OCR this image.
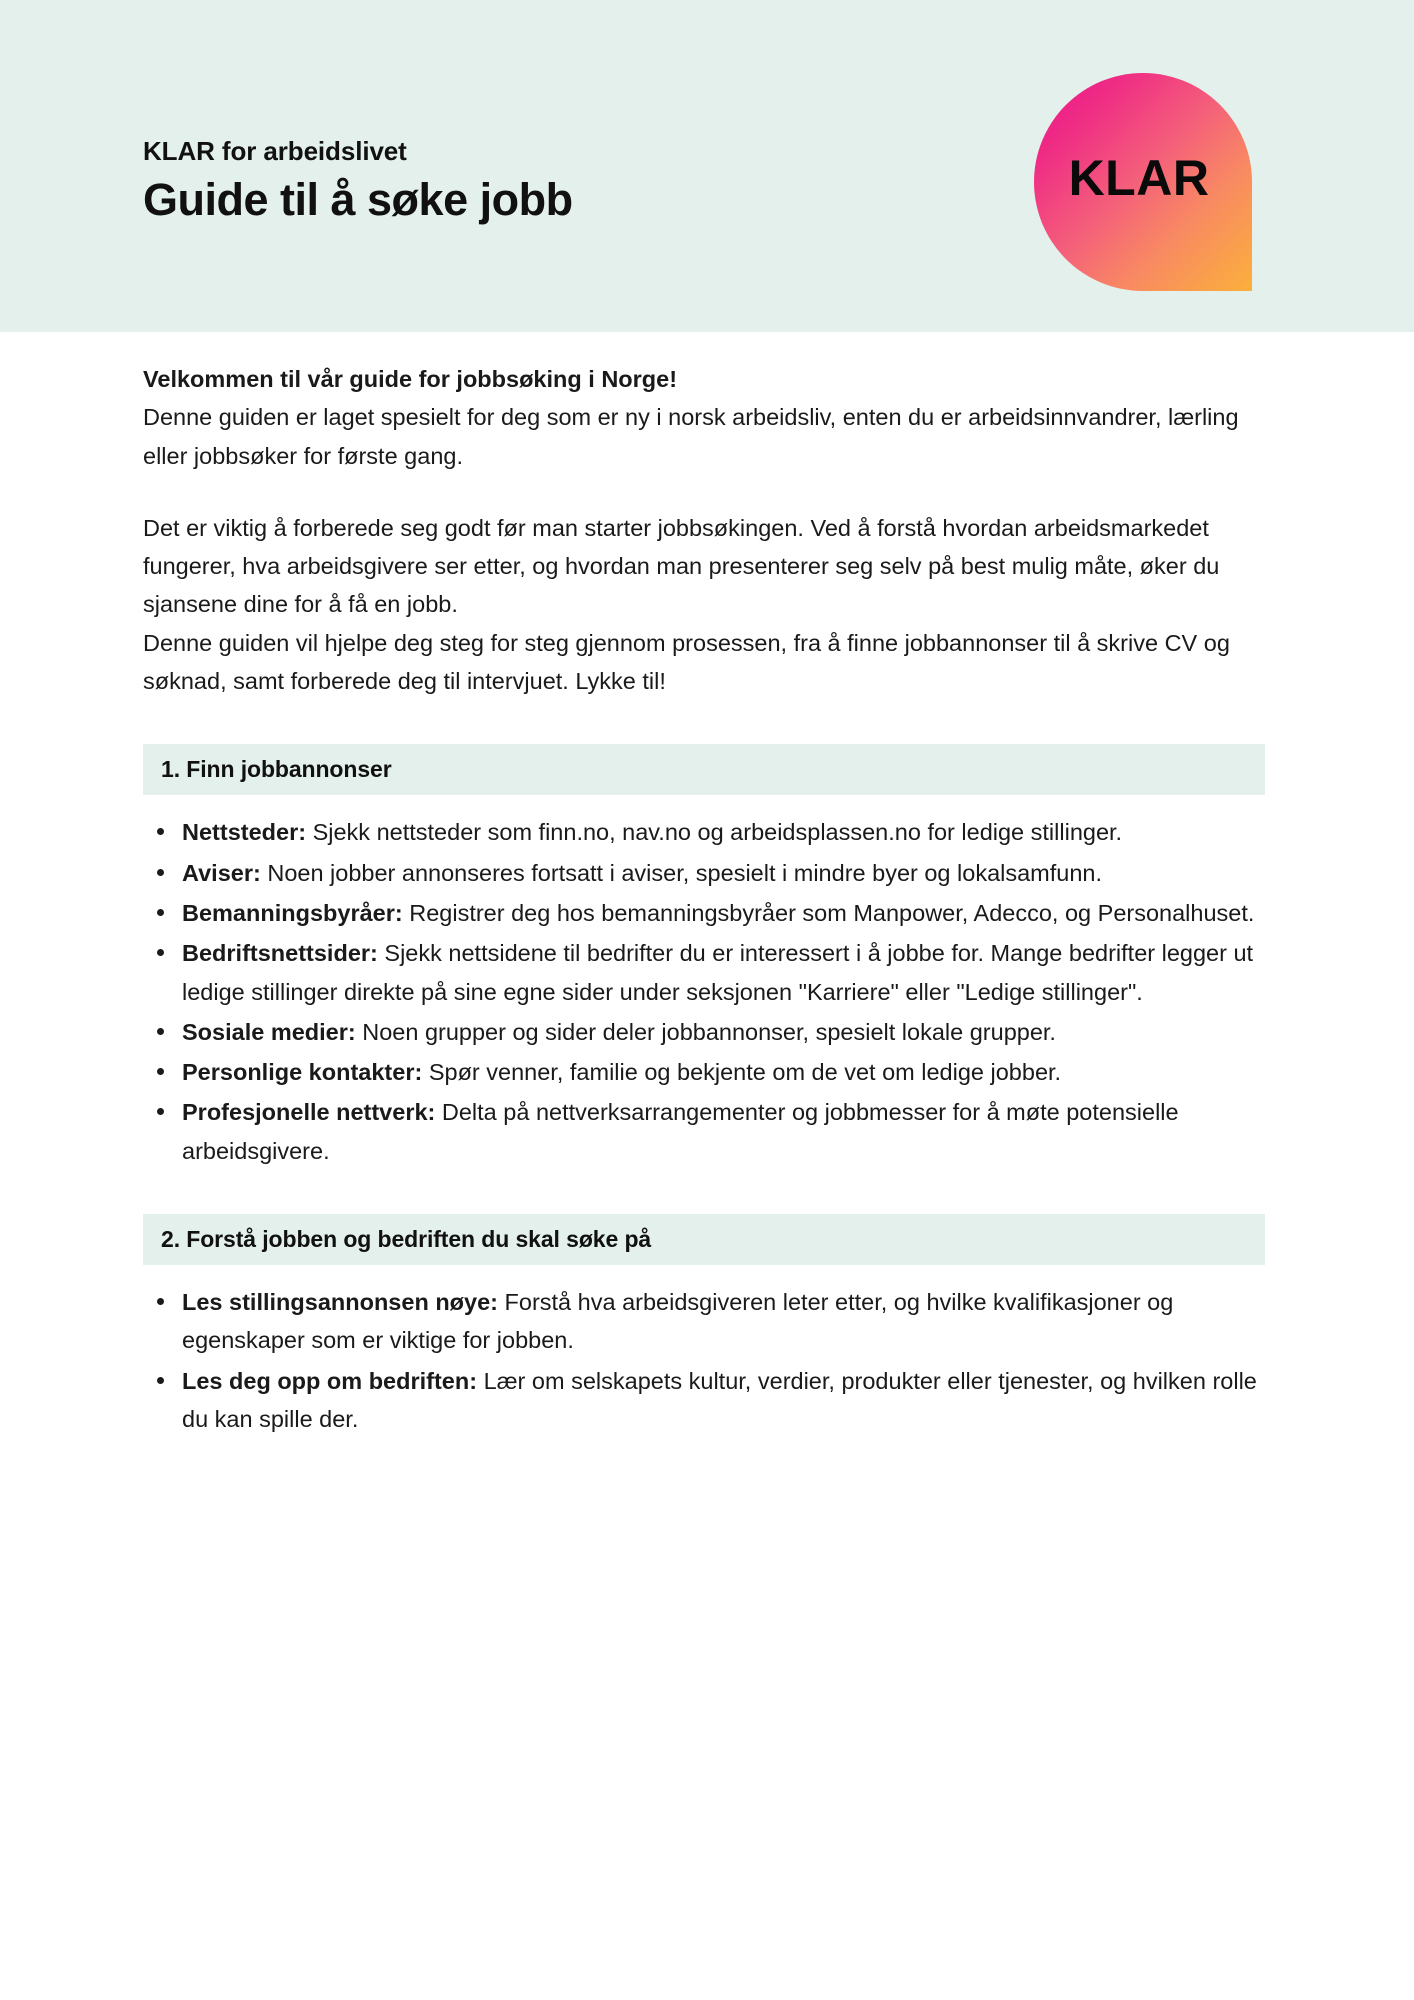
KLAR for arbeidslivet
Guide til å søke jobb	KLAR

Velkommen til vår guide for jobbsøking i Norge!
Denne guiden er laget spesielt for deg som er ny i norsk arbeidsliv, enten du er arbeidsinnvandrer, lærling eller jobbsøker for første gang.

Det er viktig å forberede seg godt før man starter jobbsøkingen. Ved å forstå hvordan arbeidsmarkedet fungerer, hva arbeidsgivere ser etter, og hvordan man presenterer seg selv på best mulig måte, øker du sjansene dine for å få en jobb.

Denne guiden vil hjelpe deg steg for steg gjennom prosessen, fra å finne jobbannonser til å skrive CV og søknad, samt forberede deg til intervjuet. Lykke til!

1. Finn jobbannonser
Nettsteder: Sjekk nettsteder som finn.no, nav.no og arbeidsplassen.no for ledige stillinger.
Aviser: Noen jobber annonseres fortsatt i aviser, spesielt i mindre byer og lokalsamfunn.
Bemanningsbyråer: Registrer deg hos bemanningsbyråer som Manpower, Adecco, og Personalhuset.
Bedriftsnettsider: Sjekk nettsidene til bedrifter du er interessert i å jobbe for. Mange bedrifter legger ut ledige stillinger direkte på sine egne sider under seksjonen "Karriere" eller "Ledige stillinger".
Sosiale medier: Noen grupper og sider deler jobbannonser, spesielt lokale grupper.
Personlige kontakter: Spør venner, familie og bekjente om de vet om ledige jobber.
Profesjonelle nettverk: Delta på nettverksarrangementer og jobbmesser for å møte potensielle arbeidsgivere.
2. Forstå jobben og bedriften du skal søke på
Les stillingsannonsen nøye: Forstå hva arbeidsgiveren leter etter, og hvilke kvalifikasjoner og egenskaper som er viktige for jobben.
Les deg opp om bedriften: Lær om selskapets kultur, verdier, produkter eller tjenester, og hvilken rolle du kan spille der.
